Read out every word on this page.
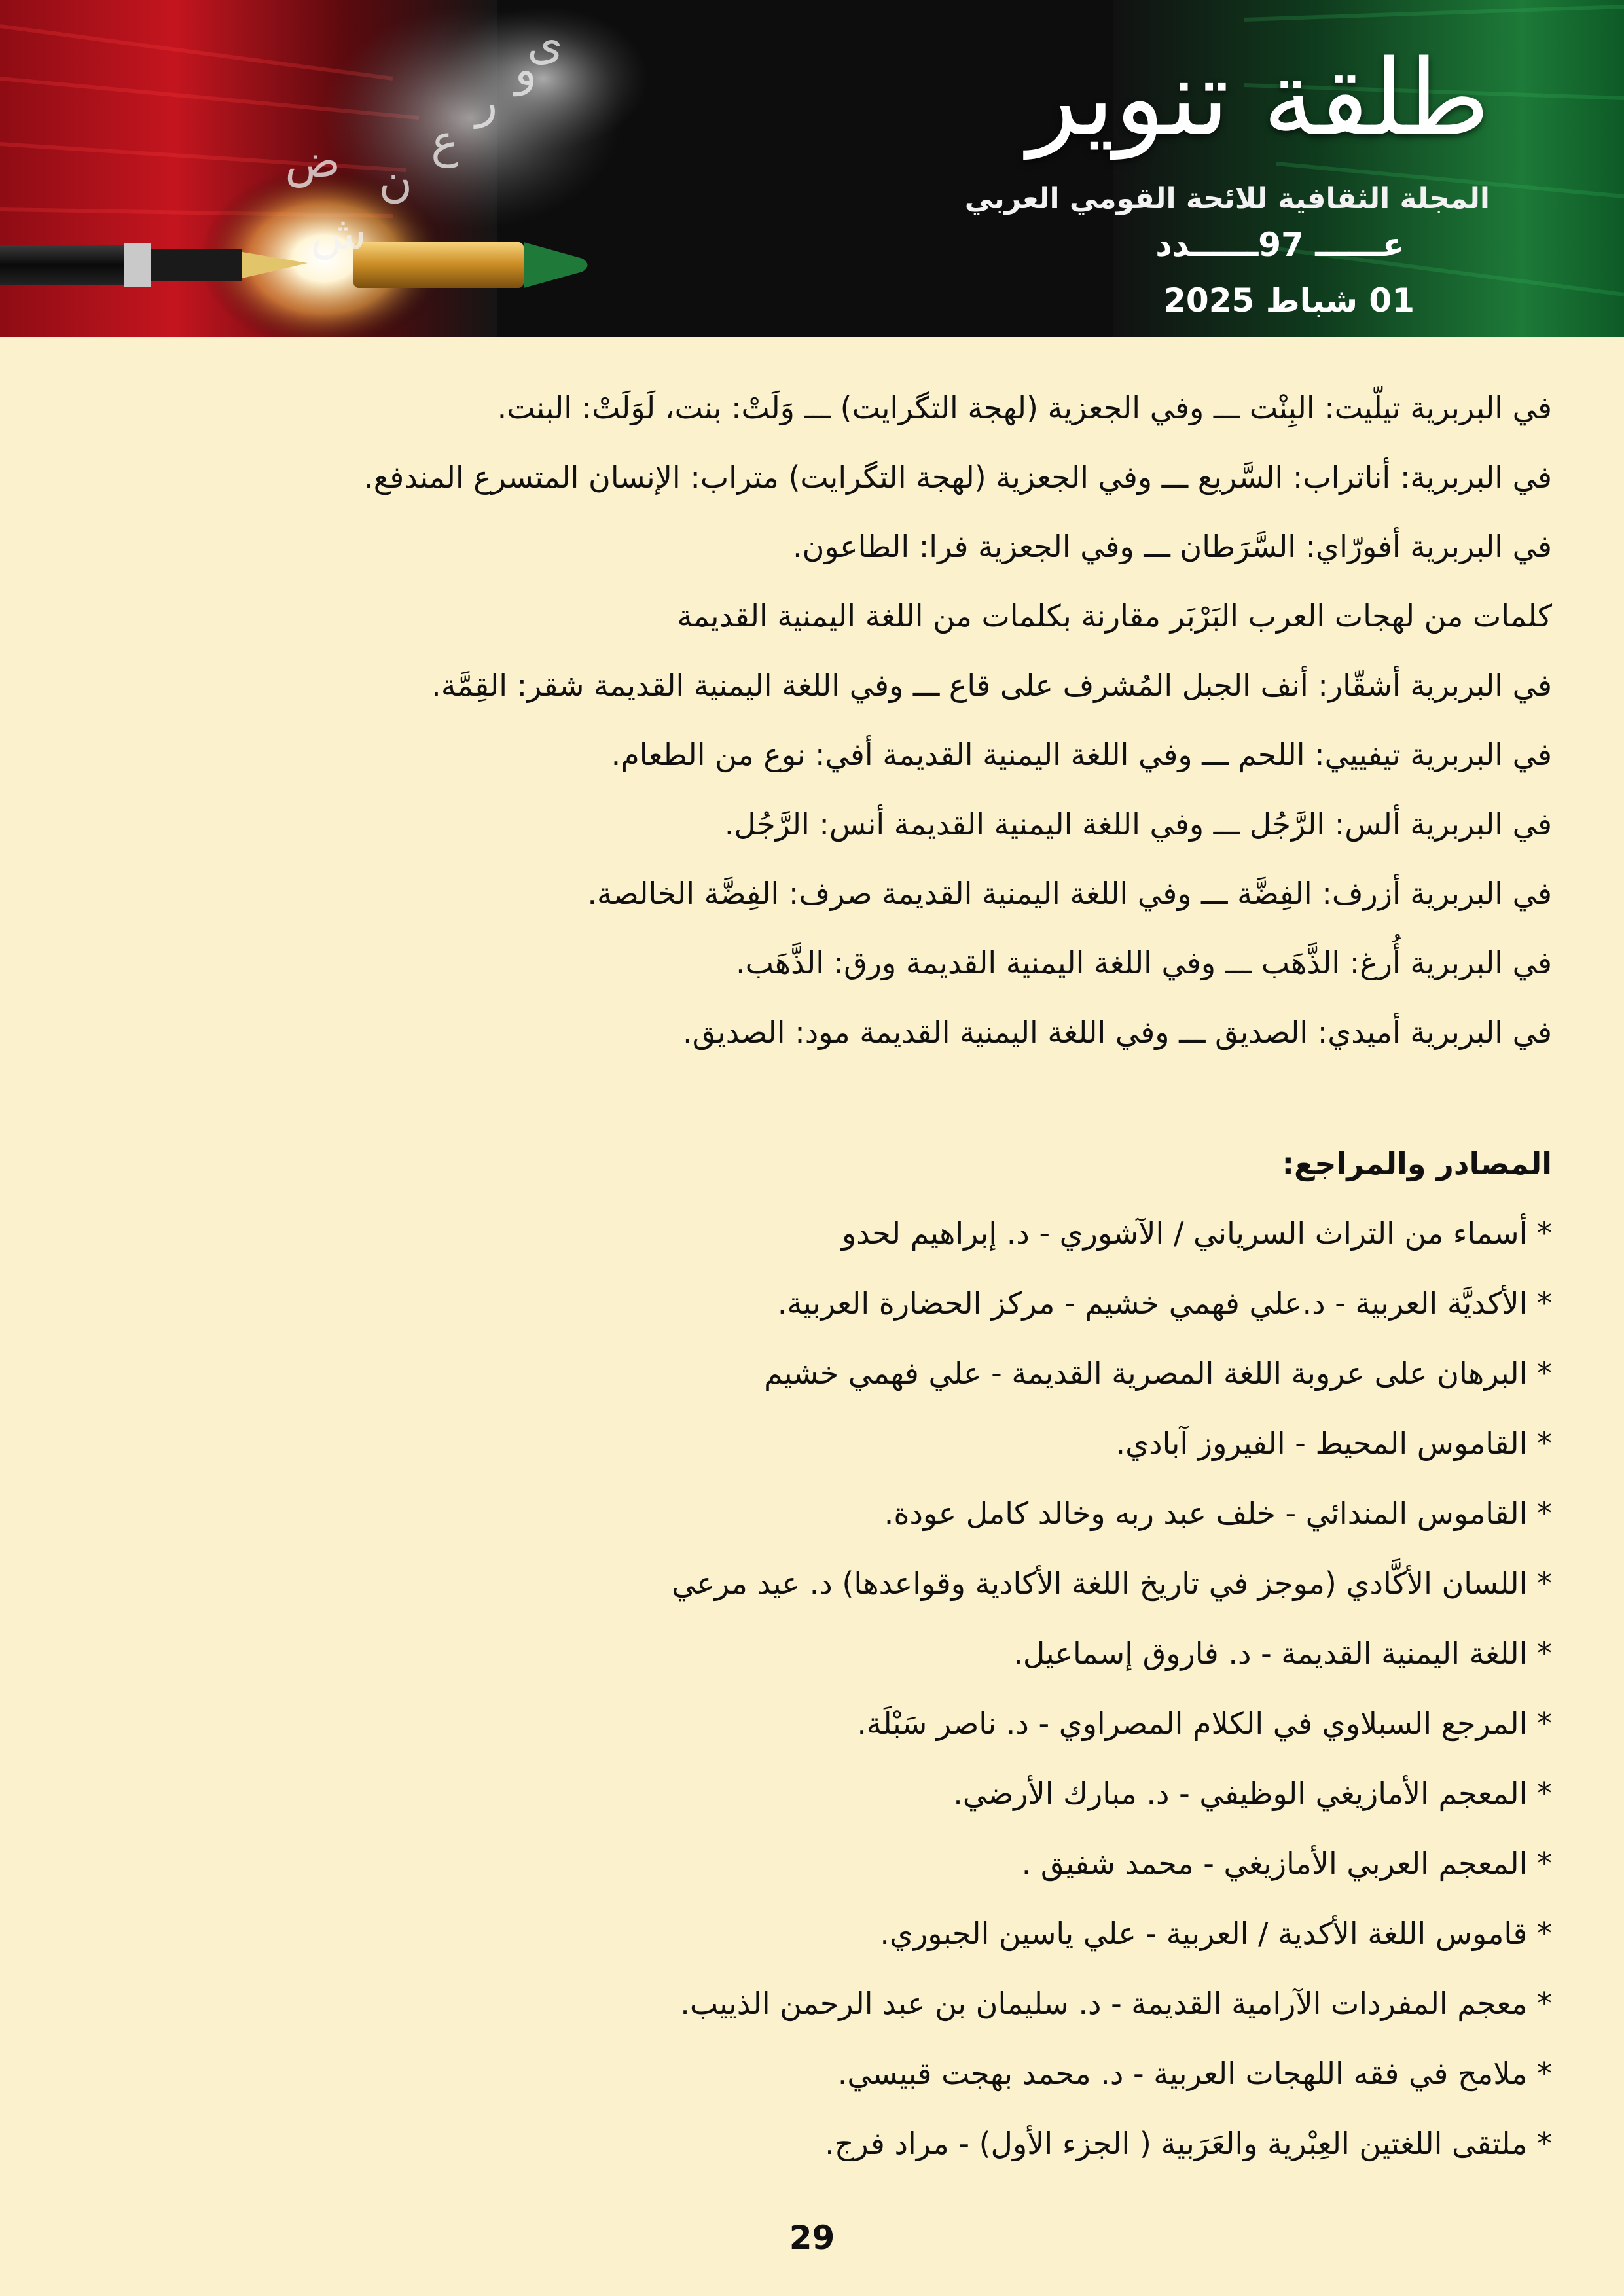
ش
ن
ع
ر
و
ى
ض
طلقة تنوير
المجلة الثقافية للائحة القومي العربي
عــــــ 97ــــــدد
01 شباط 2025
في البربرية تيلّيت: البِنْت ـــ وفي الجعزية (لهجة التگرايت) ـــ وَلَتْ: بنت، لَوَلَتْ: البنت.
في البربرية: أناتراب: السَّريع ـــ وفي الجعزية (لهجة التگرايت) متراب: الإنسان المتسرع المندفع.
في البربرية أفورّاي: السَّرَطان ـــ وفي الجعزية فرا: الطاعون.
كلمات من لهجات العرب البَرْبَر مقارنة بكلمات من اللغة اليمنية القديمة
في البربرية أشقّار: أنف الجبل المُشرف على قاع ـــ وفي اللغة اليمنية القديمة شقر: القِمَّة.
في البربرية تيفييي: اللحم ـــ وفي اللغة اليمنية القديمة أفي: نوع من الطعام.
في البربرية ألس: الرَّجُل ـــ وفي اللغة اليمنية القديمة أنس: الرَّجُل.
في البربرية أزرف: الفِضَّة ـــ وفي اللغة اليمنية القديمة صرف: الفِضَّة الخالصة.
في البربرية أُرغ: الذَّهَب ـــ وفي اللغة اليمنية القديمة ورق: الذَّهَب.
في البربرية أميدي: الصديق ـــ وفي اللغة اليمنية القديمة مود: الصديق.
المصادر والمراجع:
* أسماء من التراث السرياني / الآشوري - د. إبراهيم لحدو
* الأكديَّة العربية - د.علي فهمي خشيم - مركز الحضارة العربية.
* البرهان على عروبة اللغة المصرية القديمة - علي فهمي خشيم
* القاموس المحيط - الفيروز آبادي.
* القاموس المندائي - خلف عبد ربه وخالد كامل عودة.
* اللسان الأكَّادي (موجز في تاريخ اللغة الأكادية وقواعدها) د. عيد مرعي
* اللغة اليمنية القديمة - د. فاروق إسماعيل.
* المرجع السبلاوي في الكلام المصراوي - د. ناصر سَبْلَة.
* المعجم الأمازيغي الوظيفي - د. مبارك الأرضي.
* المعجم العربي الأمازيغي - محمد شفيق .
* قاموس اللغة الأكدية / العربية - علي ياسين الجبوري.
* معجم المفردات الآرامية القديمة - د. سليمان بن عبد الرحمن الذييب.
* ملامح في فقه اللهجات العربية - د. محمد بهجت قبيسي.
* ملتقى اللغتين العِبْرية والعَرَبية ( الجزء الأول) - مراد فرج.
29
